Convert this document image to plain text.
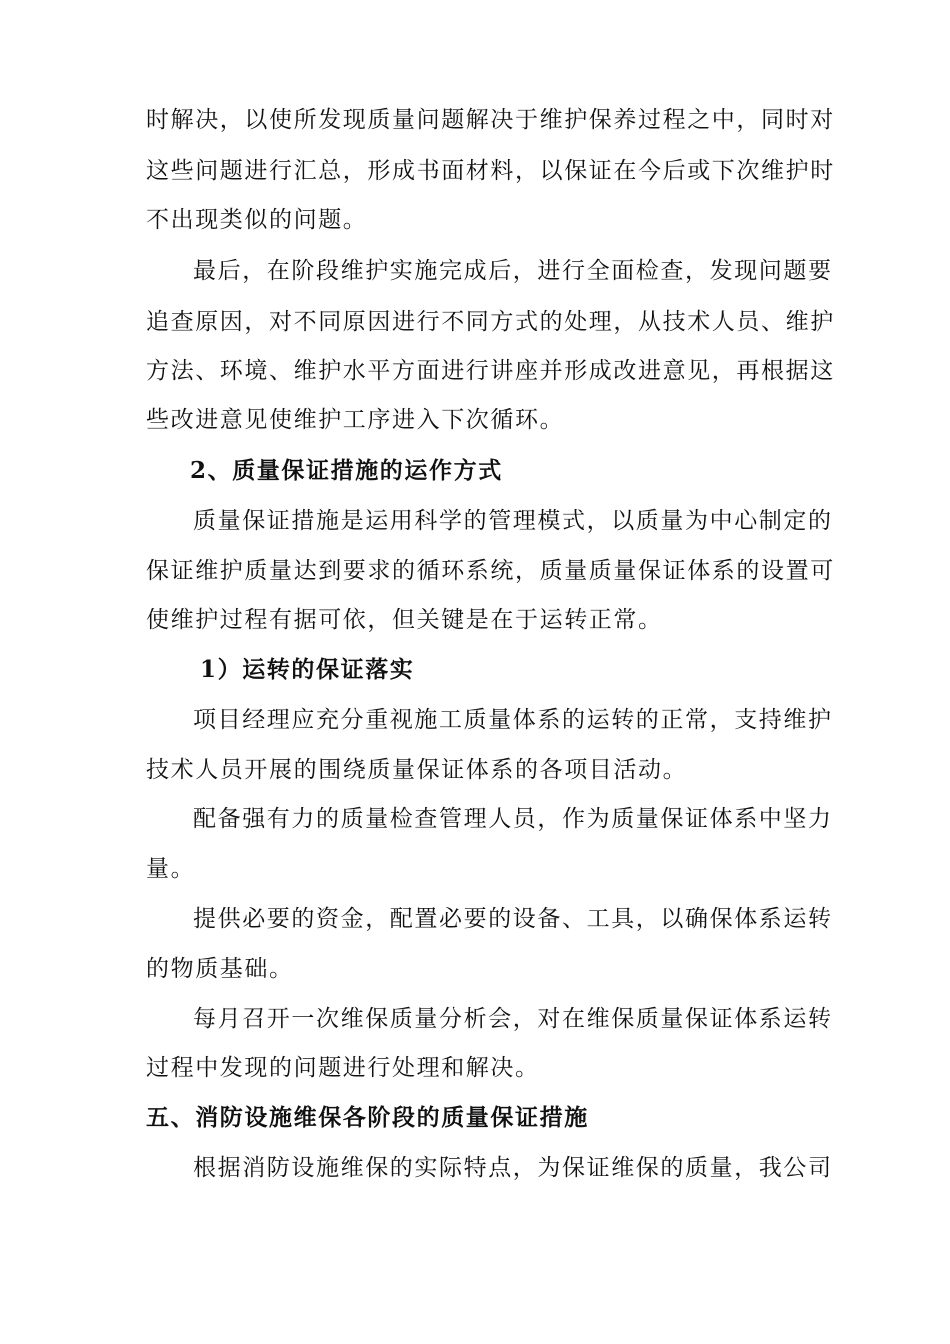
时解决，以使所发现质量问题解决于维护保养过程之中，同时对
这些问题进行汇总，形成书面材料，以保证在今后或下次维护时
不出现类似的问题。
最后，在阶段维护实施完成后，进行全面检查，发现问题要
追查原因，对不同原因进行不同方式的处理，从技术人员、维护
方法、环境、维护水平方面进行讲座并形成改进意见，再根据这
些改进意见使维护工序进入下次循环。
2、质量保证措施的运作方式
质量保证措施是运用科学的管理模式，以质量为中心制定的
保证维护质量达到要求的循环系统，质量质量保证体系的设置可
使维护过程有据可依，但关键是在于运转正常。
1）运转的保证落实
项目经理应充分重视施工质量体系的运转的正常，支持维护
技术人员开展的围绕质量保证体系的各项目活动。
配备强有力的质量检查管理人员，作为质量保证体系中坚力
量。
提供必要的资金，配置必要的设备、工具，以确保体系运转
的物质基础。
每月召开一次维保质量分析会，对在维保质量保证体系运转
过程中发现的问题进行处理和解决。
五、消防设施维保各阶段的质量保证措施
根据消防设施维保的实际特点，为保证维保的质量，我公司
